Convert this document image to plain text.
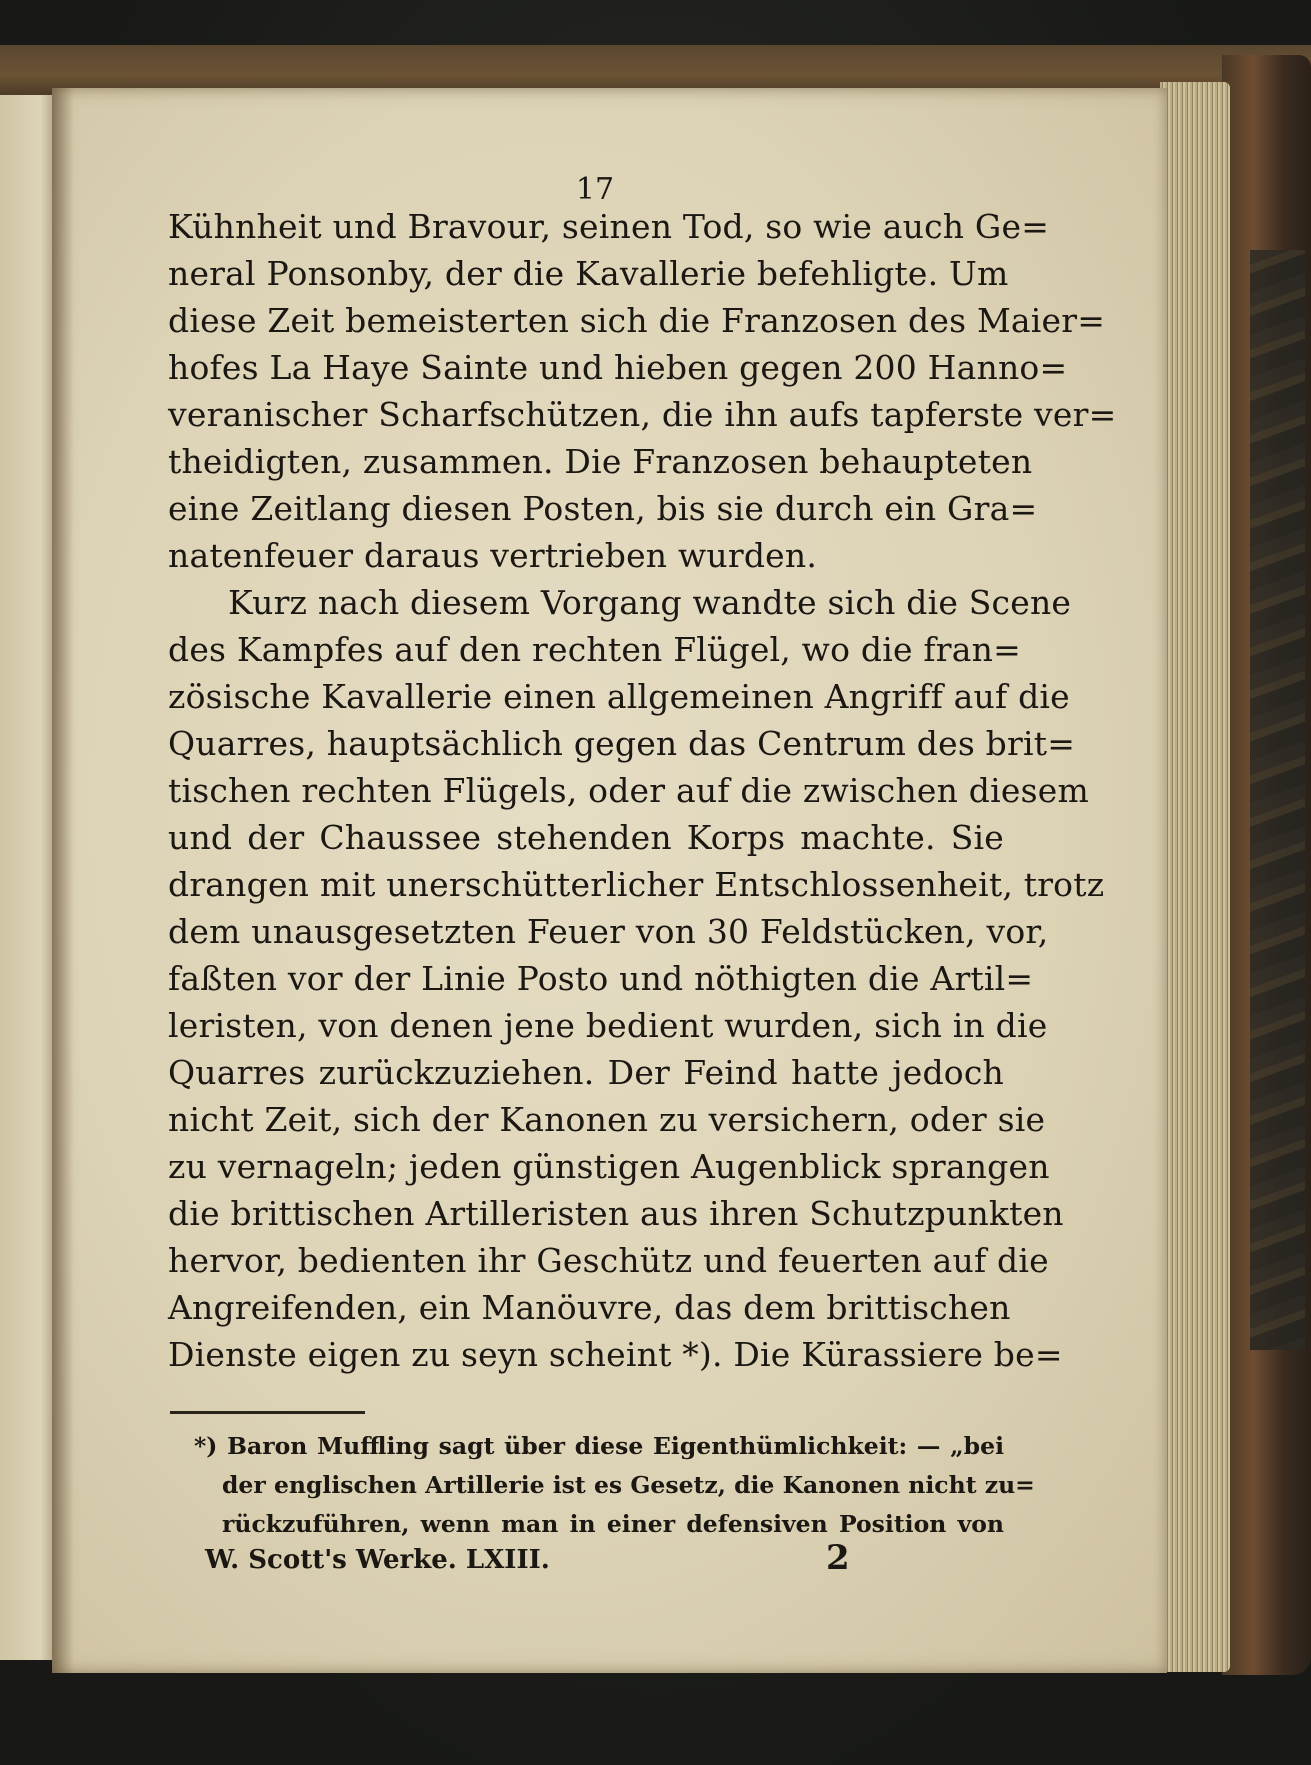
17
Kühnheit und Bravour, seinen Tod, so wie auch Ge=
neral Ponsonby, der die Kavallerie befehligte. Um
diese Zeit bemeisterten sich die Franzosen des Maier=
hofes La Haye Sainte und hieben gegen 200 Hanno=
veranischer Scharfschützen, die ihn aufs tapferste ver=
theidigten, zusammen. Die Franzosen behaupteten
eine Zeitlang diesen Posten, bis sie durch ein Gra=
natenfeuer daraus vertrieben wurden.
Kurz nach diesem Vorgang wandte sich die Scene
des Kampfes auf den rechten Flügel, wo die fran=
zösische Kavallerie einen allgemeinen Angriff auf die
Quarres, hauptsächlich gegen das Centrum des brit=
tischen rechten Flügels, oder auf die zwischen diesem
und der Chaussee stehenden Korps machte. Sie
drangen mit unerschütterlicher Entschlossenheit, trotz
dem unausgesetzten Feuer von 30 Feldstücken, vor,
faßten vor der Linie Posto und nöthigten die Artil=
leristen, von denen jene bedient wurden, sich in die
Quarres zurückzuziehen. Der Feind hatte jedoch
nicht Zeit, sich der Kanonen zu versichern, oder sie
zu vernageln; jeden günstigen Augenblick sprangen
die brittischen Artilleristen aus ihren Schutzpunkten
hervor, bedienten ihr Geschütz und feuerten auf die
Angreifenden, ein Manöuvre, das dem brittischen
Dienste eigen zu seyn scheint *). Die Kürassiere be=
*) Baron Muffling sagt über diese Eigenthümlichkeit: — „bei
der englischen Artillerie ist es Gesetz, die Kanonen nicht zu=
rückzuführen, wenn man in einer defensiven Position von
W. Scott's Werke. LXIII.	2
